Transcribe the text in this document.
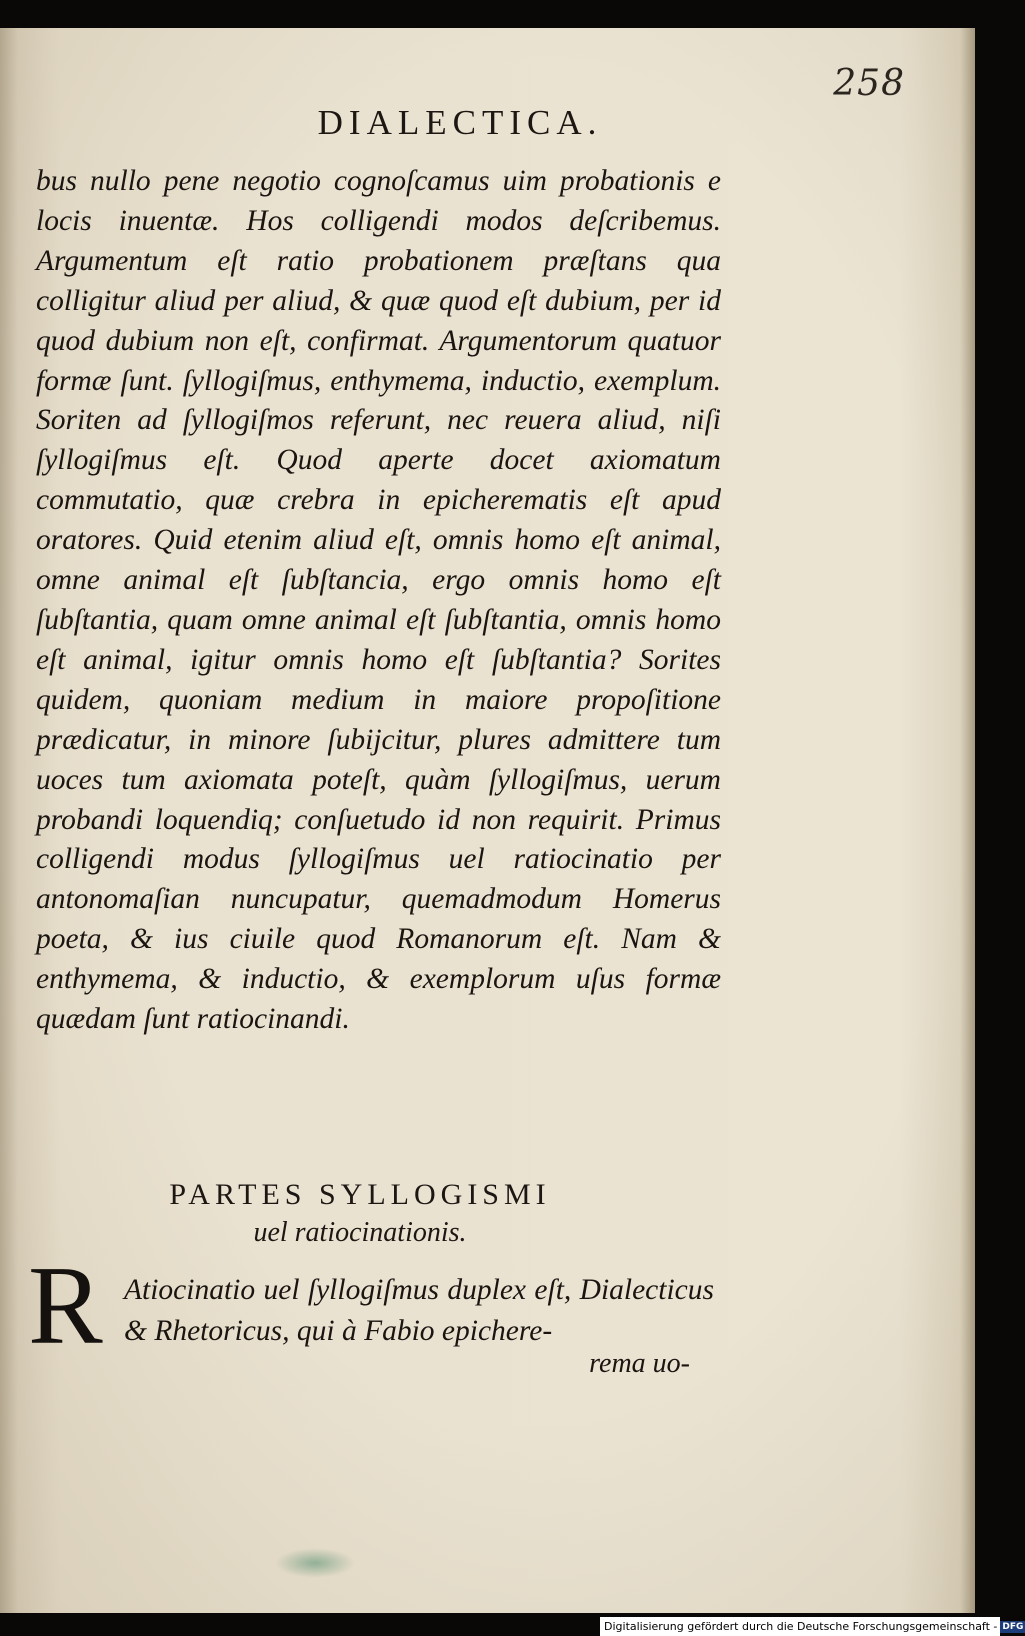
258
DIALECTICA.

bus nullo pene negotio cognoſcamus uim probationis e locis inuentæ. Hos colligendi modos deſcribemus. Argumentum eſt ratio probationem præſtans qua colligitur aliud per aliud, & quæ quod eſt dubium, per id quod dubium non eſt, confirmat. Argumentorum quatuor formæ ſunt. ſyllogiſmus, enthymema, inductio, exemplum. Soriten ad ſyllogiſmos referunt, nec reuera aliud, niſi ſyllogiſmus eſt. Quod aperte docet axiomatum commutatio, quæ crebra in epicherematis eſt apud oratores. Quid etenim aliud eſt, omnis homo eſt animal, omne animal eſt ſubſtancia, ergo omnis homo eſt ſubſtantia, quam omne animal eſt ſubſtantia, omnis homo eſt animal, igitur omnis homo eſt ſubſtantia? Sorites quidem, quoniam medium in maiore propoſitione prædicatur, in minore ſubijcitur, plures admittere tum uoces tum axiomata poteſt, quàm ſyllogiſmus, uerum probandi loquendiq; conſuetudo id non requirit. Primus colligendi modus ſyllogiſmus uel ratiocinatio per antonomaſian nuncupatur, quemadmodum Homerus poeta, & ius ciuile quod Romanorum eſt. Nam & enthymema, & inductio, & exemplorum uſus formæ quædam ſunt ratiocinandi.

PARTES SYLLOGISMI
uel ratiocinationis.
R Atiocinatio uel ſyllogiſmus duplex eſt, Dialecticus & Rhetoricus, qui à Fabio epichere-

rema uo-
Digitalisierung gefördert durch die Deutsche Forschungsgemeinschaft - DFG
